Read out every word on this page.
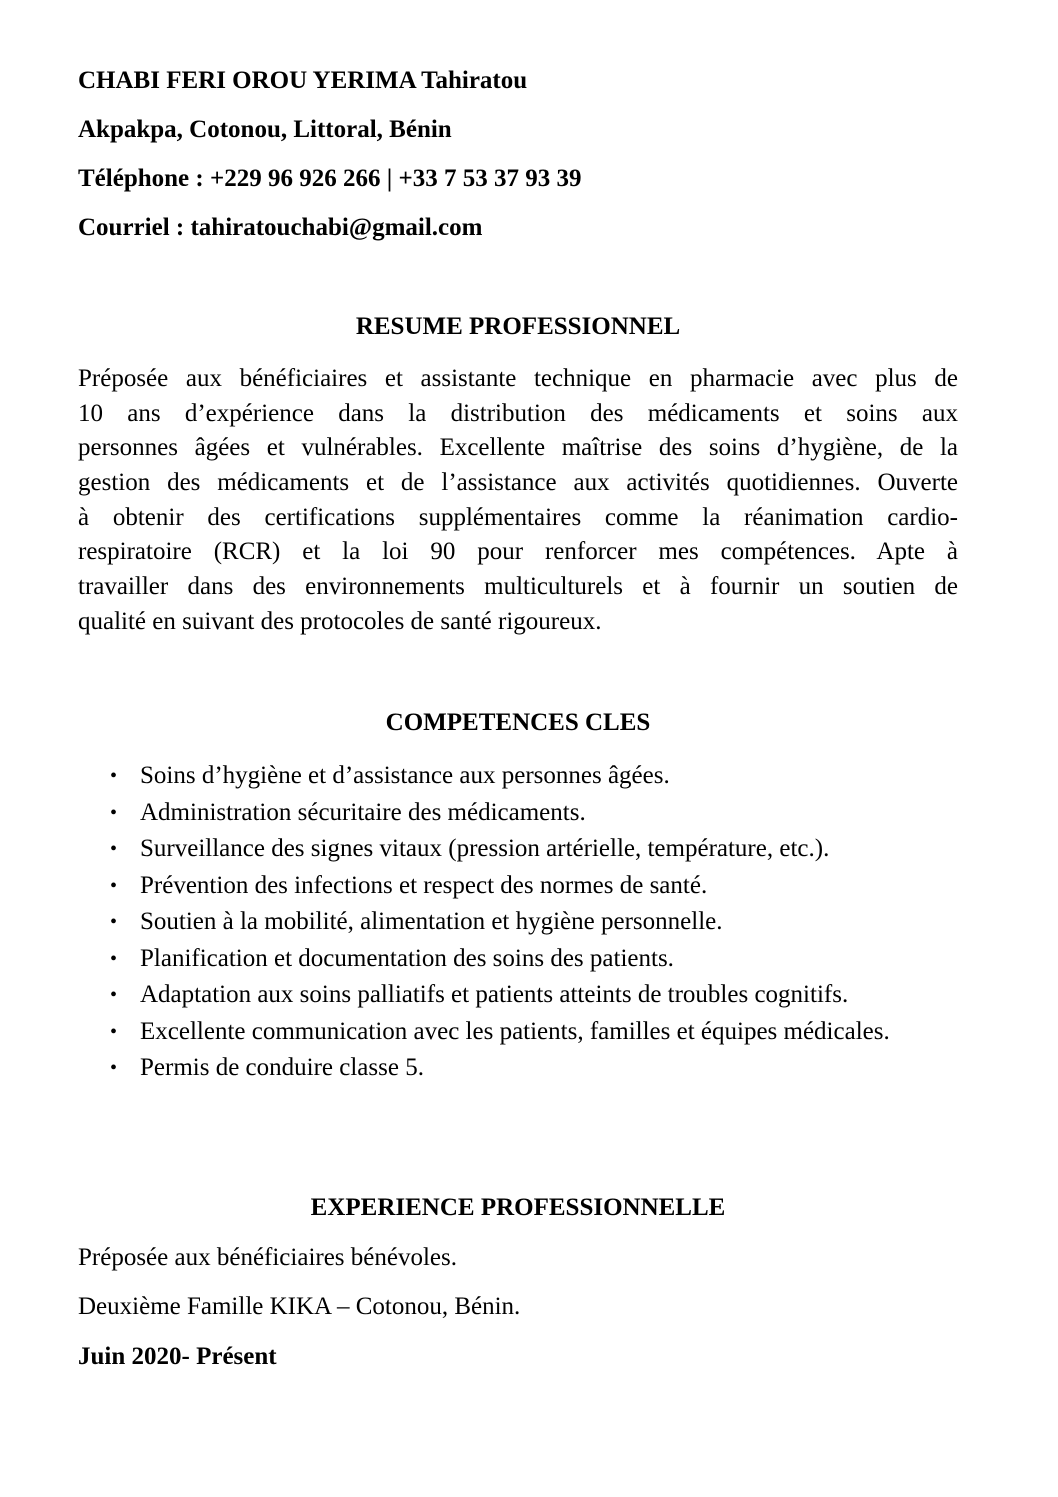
CHABI FERI OROU YERIMA Tahiratou
Akpakpa, Cotonou, Littoral, Bénin
Téléphone : +229 96 926 266 | +33 7 53 37 93 39
Courriel : tahiratouchabi@gmail.com
RESUME PROFESSIONNEL
Préposée aux bénéficiaires et assistante technique en pharmacie avec plus de
10 ans d’expérience dans la distribution des médicaments et soins aux
personnes âgées et vulnérables. Excellente maîtrise des soins d’hygiène, de la
gestion des médicaments et de l’assistance aux activités quotidiennes. Ouverte
à obtenir des certifications supplémentaires comme la réanimation cardio-
respiratoire (RCR) et la loi 90 pour renforcer mes compétences. Apte à
travailler dans des environnements multiculturels et à fournir un soutien de
qualité en suivant des protocoles de santé rigoureux.
COMPETENCES CLES
• Soins d’hygiène et d’assistance aux personnes âgées.
• Administration sécuritaire des médicaments.
• Surveillance des signes vitaux (pression artérielle, température, etc.).
• Prévention des infections et respect des normes de santé.
• Soutien à la mobilité, alimentation et hygiène personnelle.
• Planification et documentation des soins des patients.
• Adaptation aux soins palliatifs et patients atteints de troubles cognitifs.
• Excellente communication avec les patients, familles et équipes médicales.
• Permis de conduire classe 5.
EXPERIENCE PROFESSIONNELLE
Préposée aux bénéficiaires bénévoles.
Deuxième Famille KIKA – Cotonou, Bénin.
Juin 2020- Présent
